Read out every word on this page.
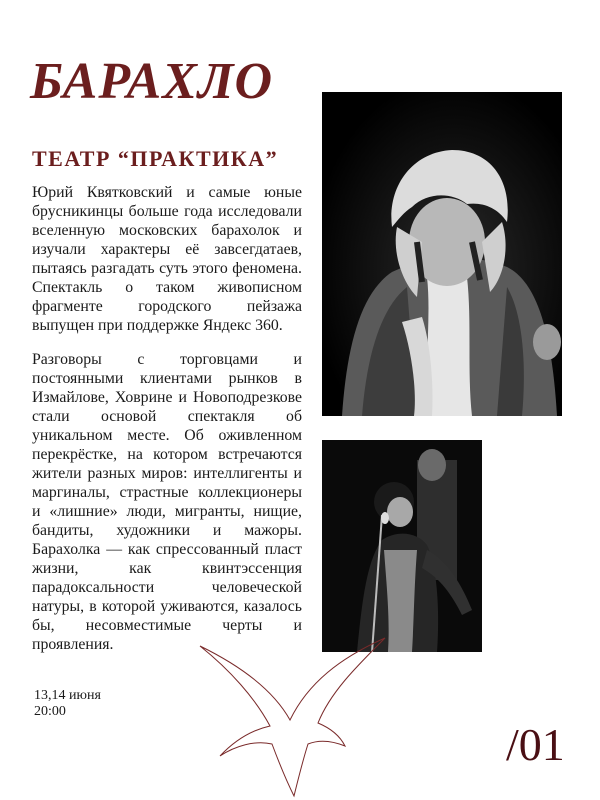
БАРАХЛО
ТЕАТР “ПРАКТИКА”

Юрий Квятковский и самые юные брусникинцы больше года исследовали вселенную московских барахолок и изучали характеры её завсегдатаев, пытаясь разгадать суть этого феномена. Спектакль о таком живописном фрагменте городского пейзажа выпущен при поддержке Яндекс 360.

Разговоры с торговцами и постоянными клиентами рынков в Измайлове, Ховрине и Новоподрезкове стали основой спектакля об уникальном месте. Об оживленном перекрёстке, на котором встречаются жители разных миров: интеллигенты и маргиналы, страстные коллекционеры и «лишние» люди, мигранты, нищие, бандиты, художники и мажоры. Барахолка — как спрессованный пласт жизни, как квинтэссенция парадоксальности человеческой натуры, в которой уживаются, казалось бы, несовместимые черты и проявления.

13,14 июня
20:00
/01
